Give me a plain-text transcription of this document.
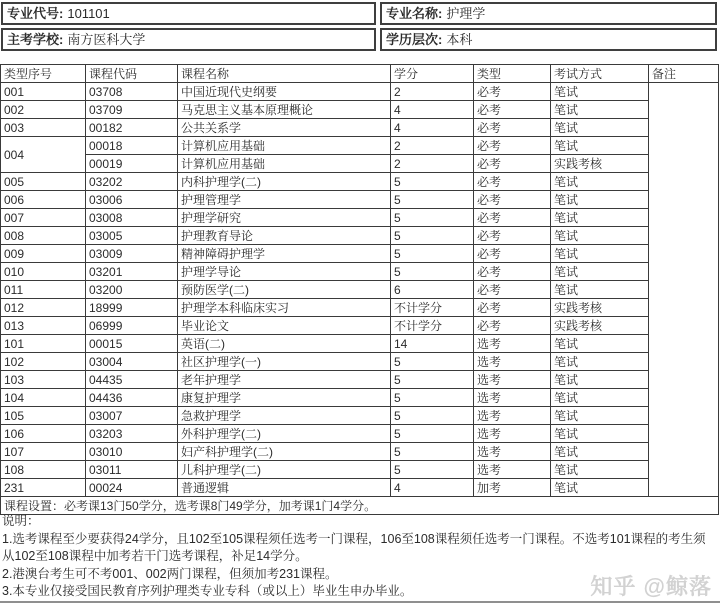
专业代号: 101101	专业名称: 护理学
主考学校: 南方医科大学	学历层次: 本科
类型序号	课程代码	课程名称	学分	类型	考试方式	备注
001	03708	中国近现代史纲要	2	必考	笔试	
002	03709	马克思主义基本原理概论	4	必考	笔试	
003	00182	公共关系学	4	必考	笔试	
004	00018	计算机应用基础	2	必考	笔试	
	00019	计算机应用基础	2	必考	实践考核	
005	03202	内科护理学(二)	5	必考	笔试	
006	03006	护理管理学	5	必考	笔试	
007	03008	护理学研究	5	必考	笔试	
008	03005	护理教育导论	5	必考	笔试	
009	03009	精神障碍护理学	5	必考	笔试	
010	03201	护理学导论	5	必考	笔试	
011	03200	预防医学(二)	6	必考	笔试	
012	18999	护理学本科临床实习	不计学分	必考	实践考核	
013	06999	毕业论文	不计学分	必考	实践考核	
101	00015	英语(二)	14	选考	笔试	
102	03004	社区护理学(一)	5	选考	笔试	
103	04435	老年护理学	5	选考	笔试	
104	04436	康复护理学	5	选考	笔试	
105	03007	急救护理学	5	选考	笔试	
106	03203	外科护理学(二)	5	选考	笔试	
107	03010	妇产科护理学(二)	5	选考	笔试	
108	03011	儿科护理学(二)	5	选考	笔试	
231	00024	普通逻辑	4	加考	笔试	
课程设置：必考课13门50学分，选考课8门49学分，加考课1门4学分。						
说明：
1.选考课程至少要获得24学分，且102至105课程须任选考一门课程，106至108课程须任选考一门课程。不选考101课程的考生须从102至108课程中加考若干门选考课程，补足14学分。
2.港澳台考生可不考001、002两门课程，但须加考231课程。
3.本专业仅接受国民教育序列护理类专业专科（或以上）毕业生申办毕业。	知乎 @鲸落
